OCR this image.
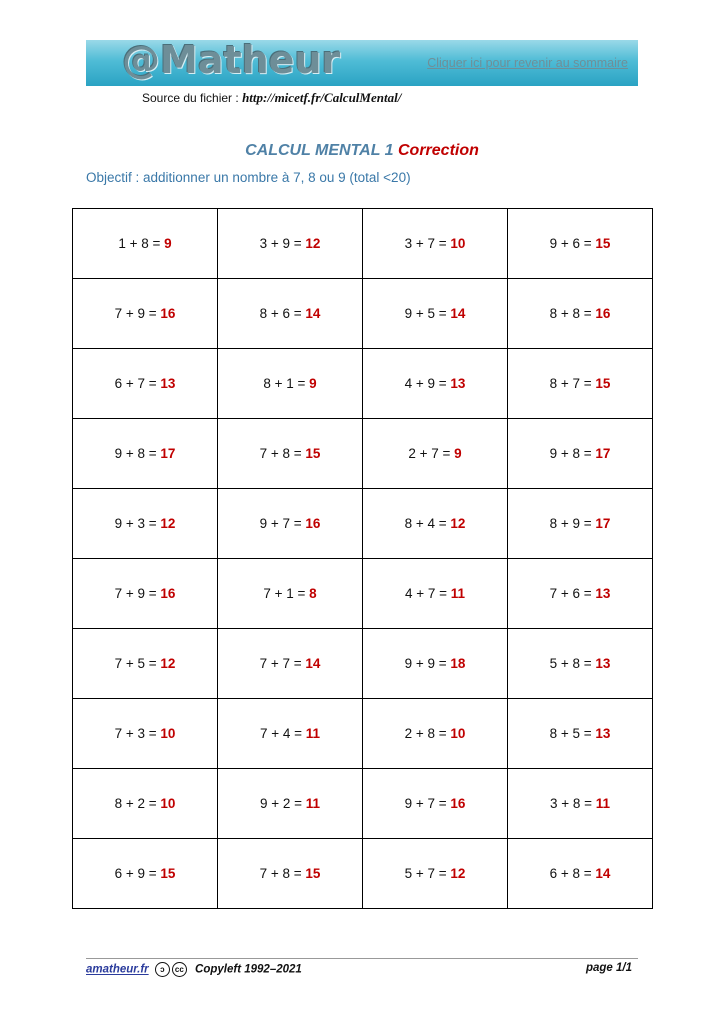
@Matheur	Cliquer ici pour revenir au sommaire
Source du fichier : http://micetf.fr/CalculMental/
CALCUL MENTAL 1 Correction
Objectif : additionner un nombre à 7, 8 ou 9 (total <20)
1 + 8 = 9	3 + 9 = 12	3 + 7 = 10	9 + 6 = 15
7 + 9 = 16	8 + 6 = 14	9 + 5 = 14	8 + 8 = 16
6 + 7 = 13	8 + 1 = 9	4 + 9 = 13	8 + 7 = 15
9 + 8 = 17	7 + 8 = 15	2 + 7 = 9	9 + 8 = 17
9 + 3 = 12	9 + 7 = 16	8 + 4 = 12	8 + 9 = 17
7 + 9 = 16	7 + 1 = 8	4 + 7 = 11	7 + 6 = 13
7 + 5 = 12	7 + 7 = 14	9 + 9 = 18	5 + 8 = 13
7 + 3 = 10	7 + 4 = 11	2 + 8 = 10	8 + 5 = 13
8 + 2 = 10	9 + 2 = 11	9 + 7 = 16	3 + 8 = 11
6 + 9 = 15	7 + 8 = 15	5 + 7 = 12	6 + 8 = 14
amatheur.fr ↄ cc Copyleft 1992–2021	page 1/1
